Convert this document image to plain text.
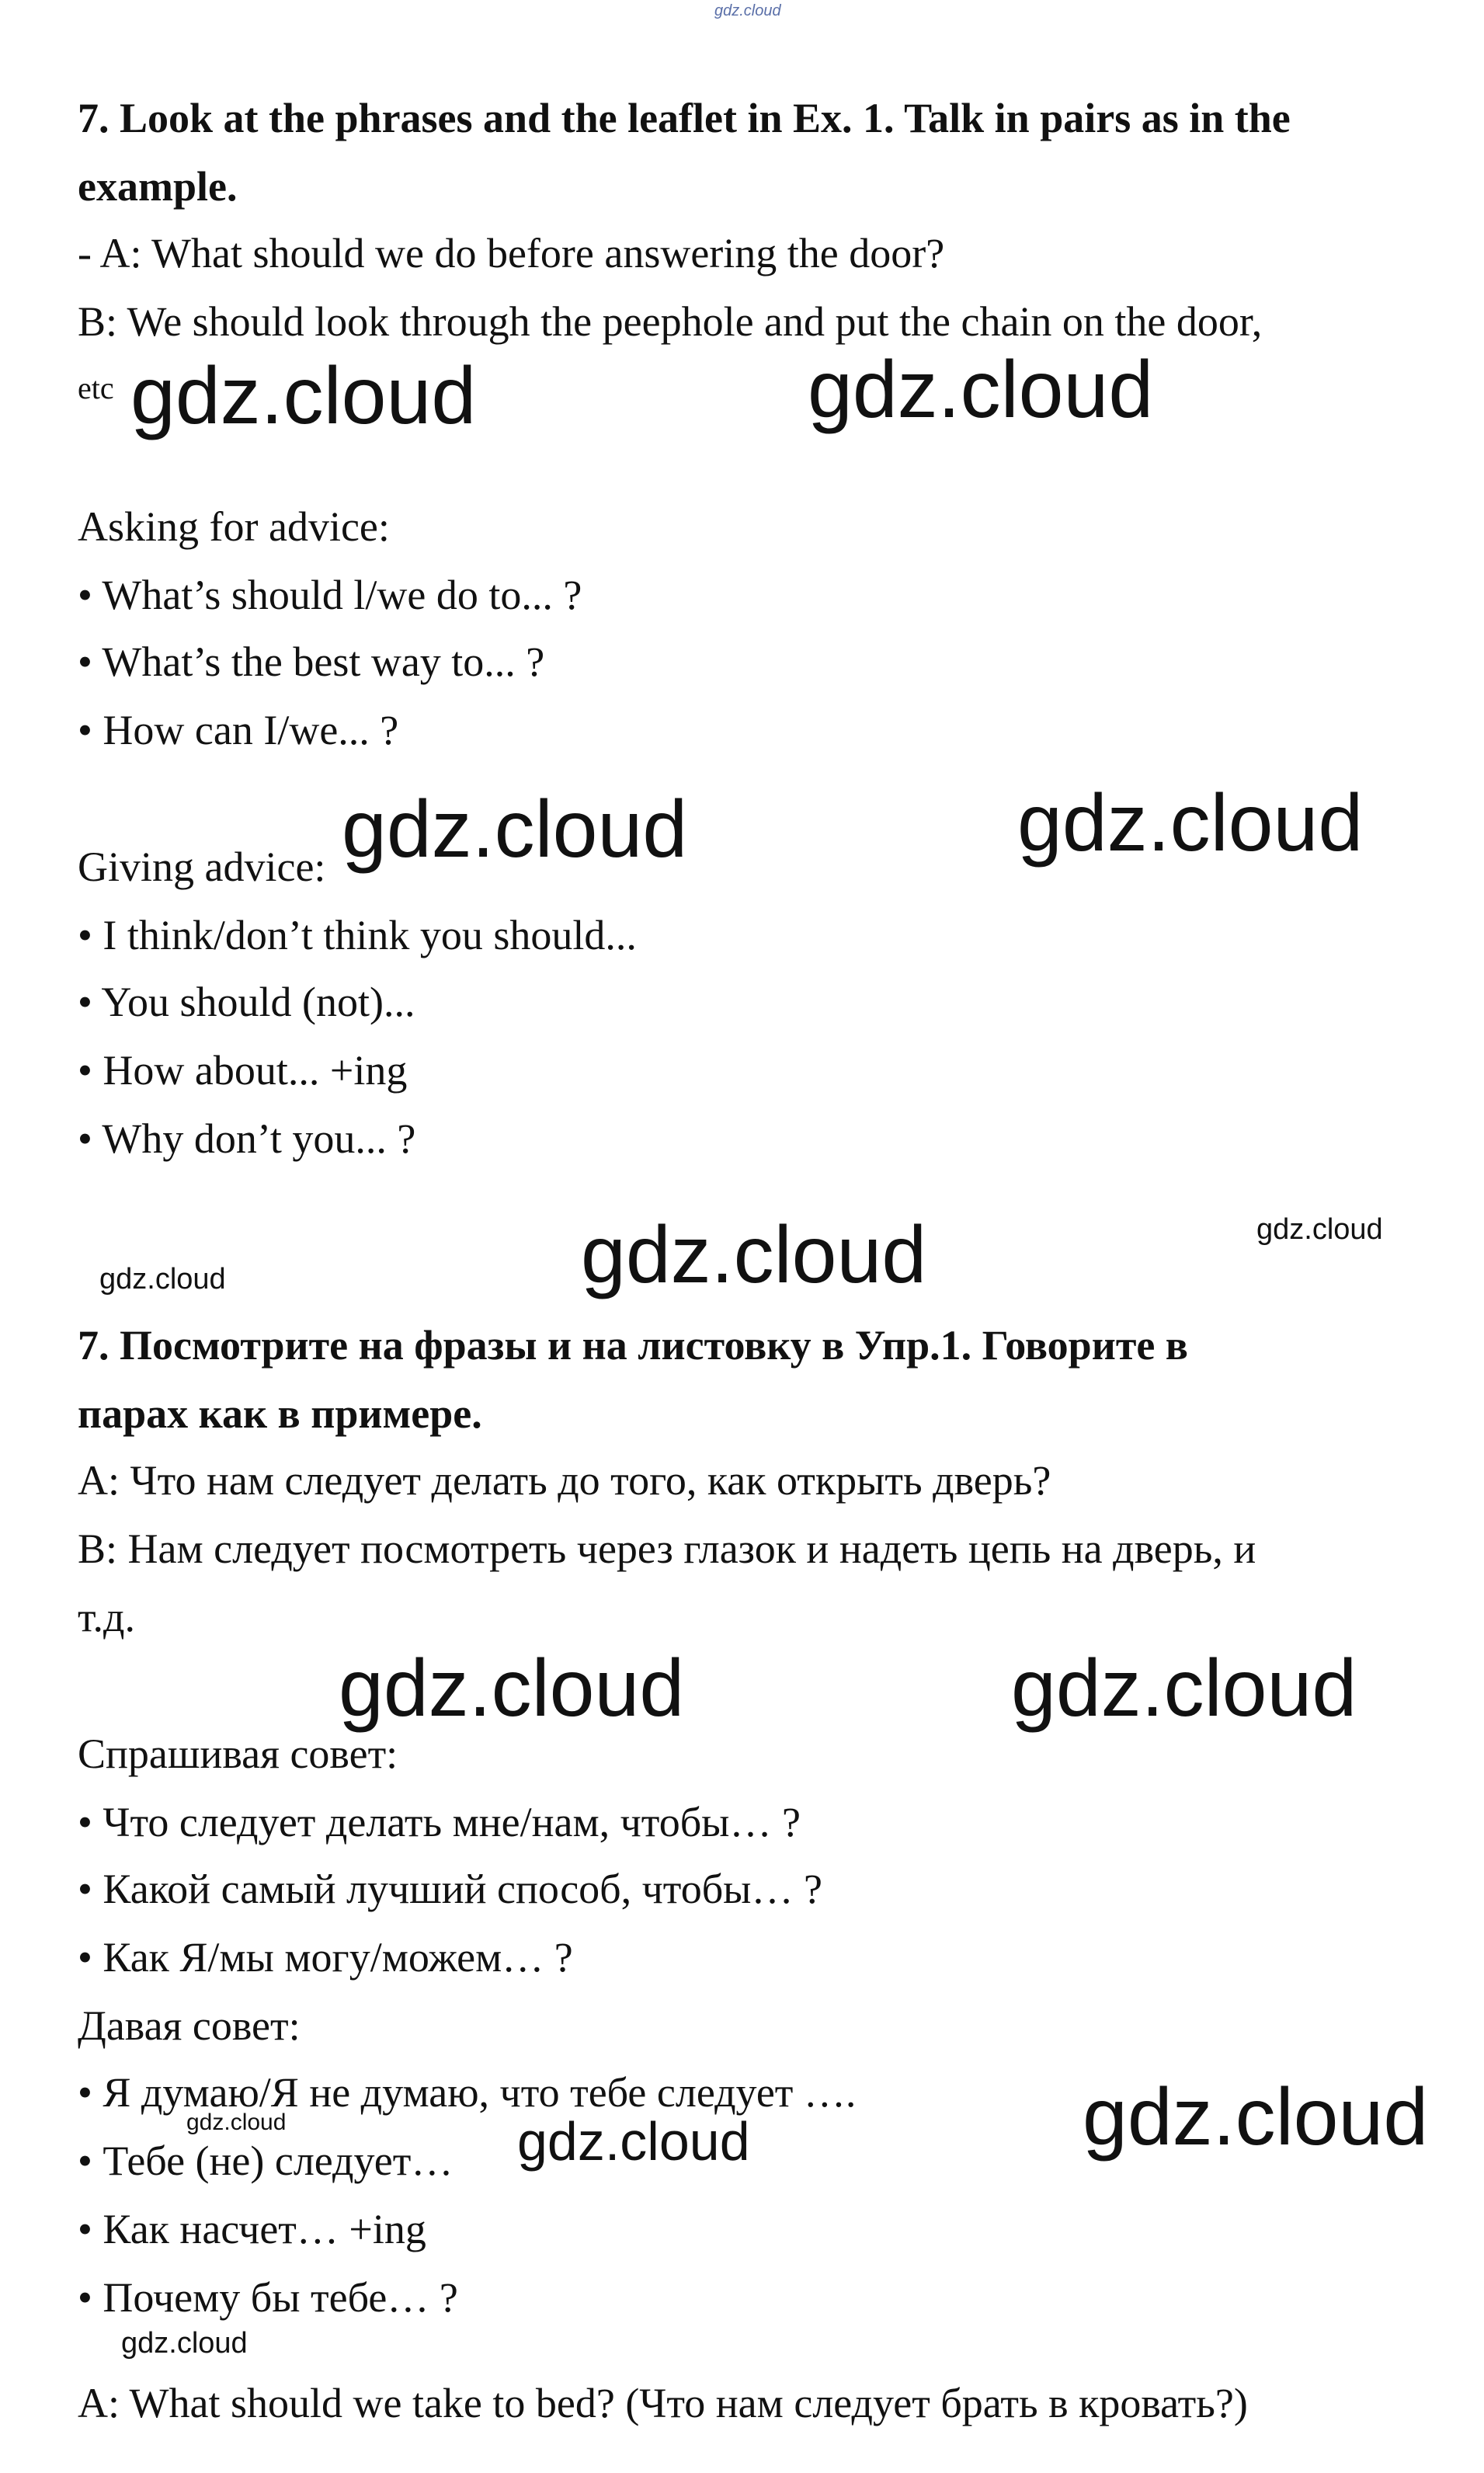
gdz.cloud
7. Look at the phrases and the leaflet in Ex. 1. Talk in pairs as in the
example.
- A: What should we do before answering the door?
B: We should look through the peephole and put the chain on the door,
$^{etc}$
Asking for advice:
• What’s should l/we do to... ?
• What’s the best way to... ?
• How can I/we... ?
Giving advice:
• I think/don’t think you should...
• You should (not)...
• How about... +ing
• Why don’t you... ?
7. Посмотрите на фразы и на листовку в Упр.1. Говорите в
парах как в примере.
А: Что нам следует делать до того, как открыть дверь?
В: Нам следует посмотреть через глазок и надеть цепь на дверь, и
т.д.
Спрашивая совет:
• Что следует делать мне/нам, чтобы… ?
• Какой самый лучший способ, чтобы… ?
• Как Я/мы могу/можем… ?
Давая совет:
• Я думаю/Я не думаю, что тебе следует ….
• Тебе (не) следует…
• Как насчет… +ing
• Почему бы тебе… ?
A: What should we take to bed? (Что нам следует брать в кровать?)
gdz.cloud	gdz.cloud
gdz.cloud	gdz.cloud
gdz.cloud
gdz.cloud	gdz.cloud
gdz.cloud	gdz.cloud
gdz.cloud	gdz.cloud	gdz.cloud
gdz.cloud
